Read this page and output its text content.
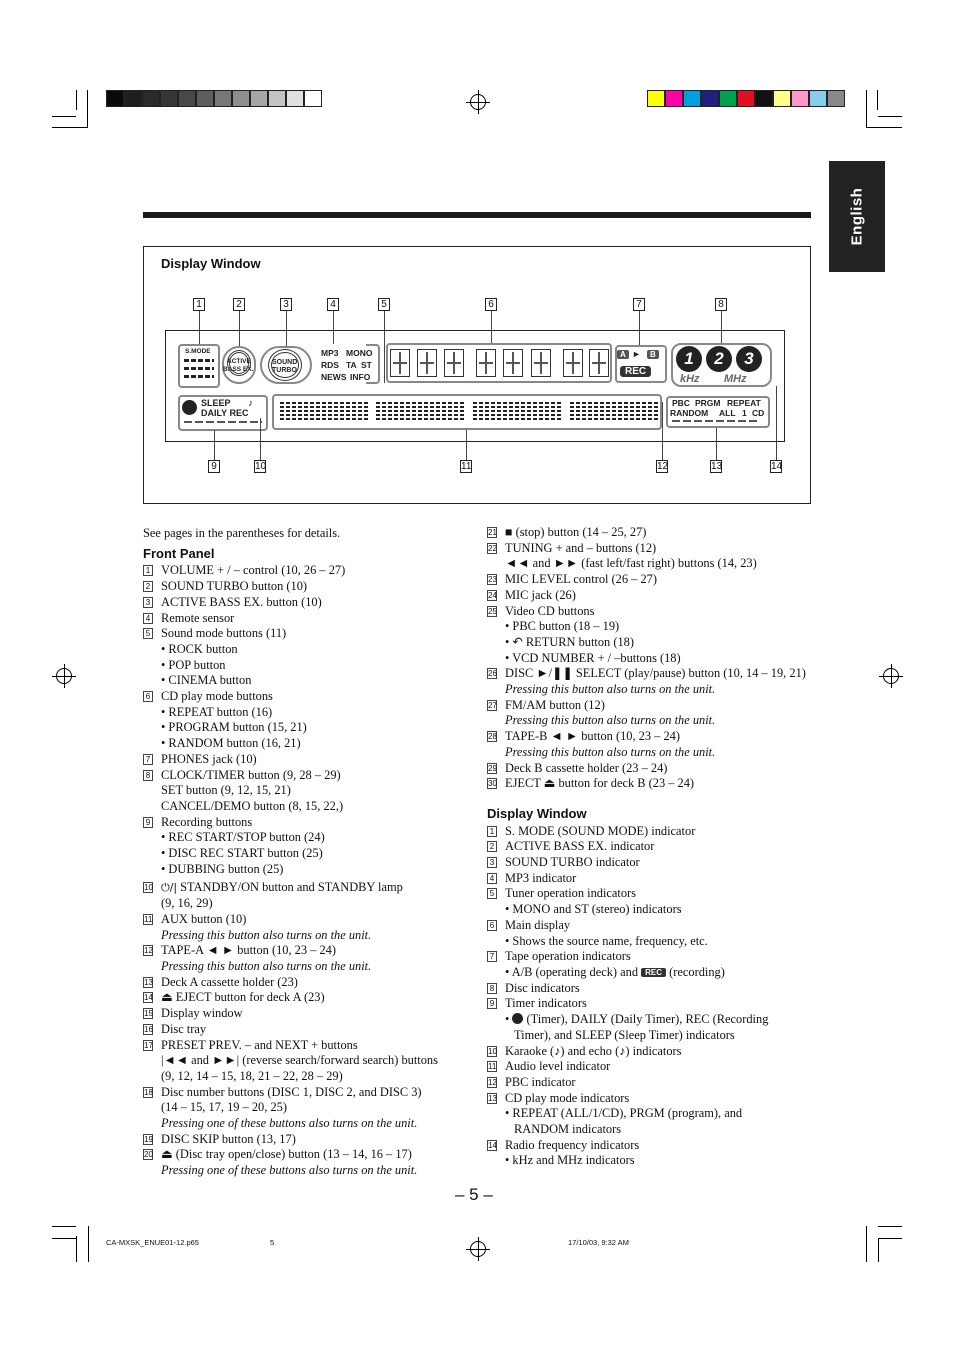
English
Display Window
1	2	3	4	5	6	7	8
S.MODE
ACTIVE
BASS EX.
SOUND
TURBO
MP3 MONO
RDS TA ST
NEWS INFO
A ►	B
REC
1	2	3
kHz MHz
SLEEP
DAILY REC
♪	PBC PRGM REPEAT
RANDOM ALL 1 CD
9	10	11	12	13	14
See pages in the parentheses for details.
Front Panel
1 VOLUME + / – control (10, 26 – 27)
2 SOUND TURBO button (10)
3 ACTIVE BASS EX. button (10)
4 Remote sensor
5 Sound mode buttons (11)
• ROCK button
• POP button
• CINEMA button
6 CD play mode buttons
• REPEAT button (16)
• PROGRAM button (15, 21)
• RANDOM button (16, 21)
7 PHONES jack (10)
8 CLOCK/TIMER button (9, 28 – 29)
SET button (9, 12, 15, 21)
CANCEL/DEMO button (8, 15, 22,)
9 Recording buttons
• REC START/STOP button (24)
• DISC REC START button (25)
• DUBBING button (25)
10 ⏻/| STANDBY/ON button and STANDBY lamp
(9, 16, 29)
11 AUX button (10)
Pressing this button also turns on the unit.
12 TAPE-A ◄ ► button (10, 23 – 24)
Pressing this button also turns on the unit.
13 Deck A cassette holder (23)
14 ⏏ EJECT button for deck A (23)
15 Display window
16 Disc tray
17 PRESET PREV. – and NEXT + buttons
|◄◄ and ►►| (reverse search/forward search) buttons
(9, 12, 14 – 15, 18, 21 – 22, 28 – 29)
18 Disc number buttons (DISC 1, DISC 2, and DISC 3)
(14 – 15, 17, 19 – 20, 25)
Pressing one of these buttons also turns on the unit.
19 DISC SKIP button (13, 17)
20 ⏏ (Disc tray open/close) button (13 – 14, 16 – 17)
Pressing one of these buttons also turns on the unit.
21 ■ (stop) button (14 – 25, 27)
22 TUNING + and – buttons (12)
◄◄ and ►► (fast left/fast right) buttons (14, 23)
23 MIC LEVEL control (26 – 27)
24 MIC jack (26)
25 Video CD buttons
• PBC button (18 – 19)
• ↶ RETURN button (18)
• VCD NUMBER + / –buttons (18)
26 DISC ►/❚❚ SELECT (play/pause) button (10, 14 – 19, 21)
Pressing this button also turns on the unit.
27 FM/AM button (12)
Pressing this button also turns on the unit.
28 TAPE-B ◄ ► button (10, 23 – 24)
Pressing this button also turns on the unit.
29 Deck B cassette holder (23 – 24)
30 EJECT ⏏ button for deck B (23 – 24)
Display Window
1 S. MODE (SOUND MODE) indicator
2 ACTIVE BASS EX. indicator
3 SOUND TURBO indicator
4 MP3 indicator
5 Tuner operation indicators
• MONO and ST (stereo) indicators
6 Main display
• Shows the source name, frequency, etc.
7 Tape operation indicators
• A/B (operating deck) and REC (recording)
8 Disc indicators
9 Timer indicators
•  (Timer), DAILY (Daily Timer), REC (Recording
Timer), and SLEEP (Sleep Timer) indicators
10 Karaoke (♪) and echo (♪) indicators
11 Audio level indicator
12 PBC indicator
13 CD play mode indicators
• REPEAT (ALL/1/CD), PRGM (program), and
RANDOM indicators
14 Radio frequency indicators
• kHz and MHz indicators
– 5 –
CA-MXSK_ENUE01-12.p65	5	17/10/03, 9:32 AM
